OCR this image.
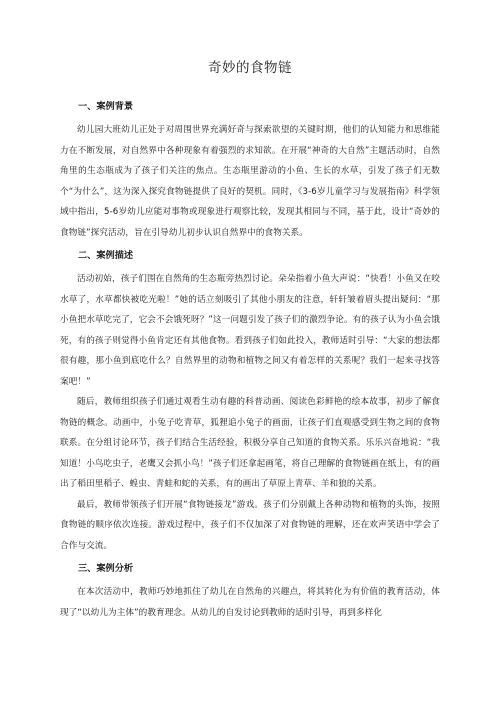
奇妙的食物链
一、案例背景

幼儿园大班幼儿正处于对周围世界充满好奇与探索欲望的关键时期，他们的认知能力和思维能力在不断发展，对自然界中各种现象有着强烈的求知欲。在开展“神奇的大自然”主题活动时，自然角里的生态瓶成为了孩子们关注的焦点。生态瓶里游动的小鱼、生长的水草，引发了孩子们无数个“为什么”，这为深入探究食物链提供了良好的契机。同时，《3-6岁儿童学习与发展指南》科学领域中指出，5-6岁幼儿应能对事物或现象进行观察比较，发现其相同与不同，基于此，设计“奇妙的食物链”探究活动，旨在引导幼儿初步认识自然界中的食物关系。

二、案例描述

活动初始，孩子们围在自然角的生态瓶旁热烈讨论。朵朵指着小鱼大声说：“快看！小鱼又在咬水草了，水草都快被吃光啦！”她的话立刻吸引了其他小朋友的注意，轩轩皱着眉头提出疑问：“那小鱼把水草吃完了，它会不会饿死呀？”这一问题引发了孩子们的激烈争论。有的孩子认为小鱼会饿死，有的孩子则觉得小鱼肯定还有其他食物。看到孩子们如此投入，教师适时引导：“大家的想法都很有趣，那小鱼到底吃什么？自然界里的动物和植物之间又有着怎样的关系呢？我们一起来寻找答案吧！”

随后，教师组织孩子们通过观看生动有趣的科普动画、阅读色彩鲜艳的绘本故事，初步了解食物链的概念。动画中，小兔子吃青草，狐狸追小兔子的画面，让孩子们直观感受到生物之间的食物联系。在分组讨论环节，孩子们结合生活经验，积极分享自己知道的食物关系。乐乐兴奋地说：“我知道！小鸟吃虫子，老鹰又会抓小鸟！”孩子们还拿起画笔，将自己理解的食物链画在纸上，有的画出了稻田里稻子、蝗虫、青蛙和蛇的关系，有的画出了草原上青草、羊和狼的关系。

最后，教师带领孩子们开展“食物链接龙”游戏。孩子们分别戴上各种动物和植物的头饰，按照食物链的顺序依次连接。游戏过程中，孩子们不仅加深了对食物链的理解，还在欢声笑语中学会了合作与交流。

三、案例分析

在本次活动中，教师巧妙地抓住了幼儿在自然角的兴趣点，将其转化为有价值的教育活动，体现了“以幼儿为主体”的教育理念。从幼儿的自发讨论到教师的适时引导，再到多样化
